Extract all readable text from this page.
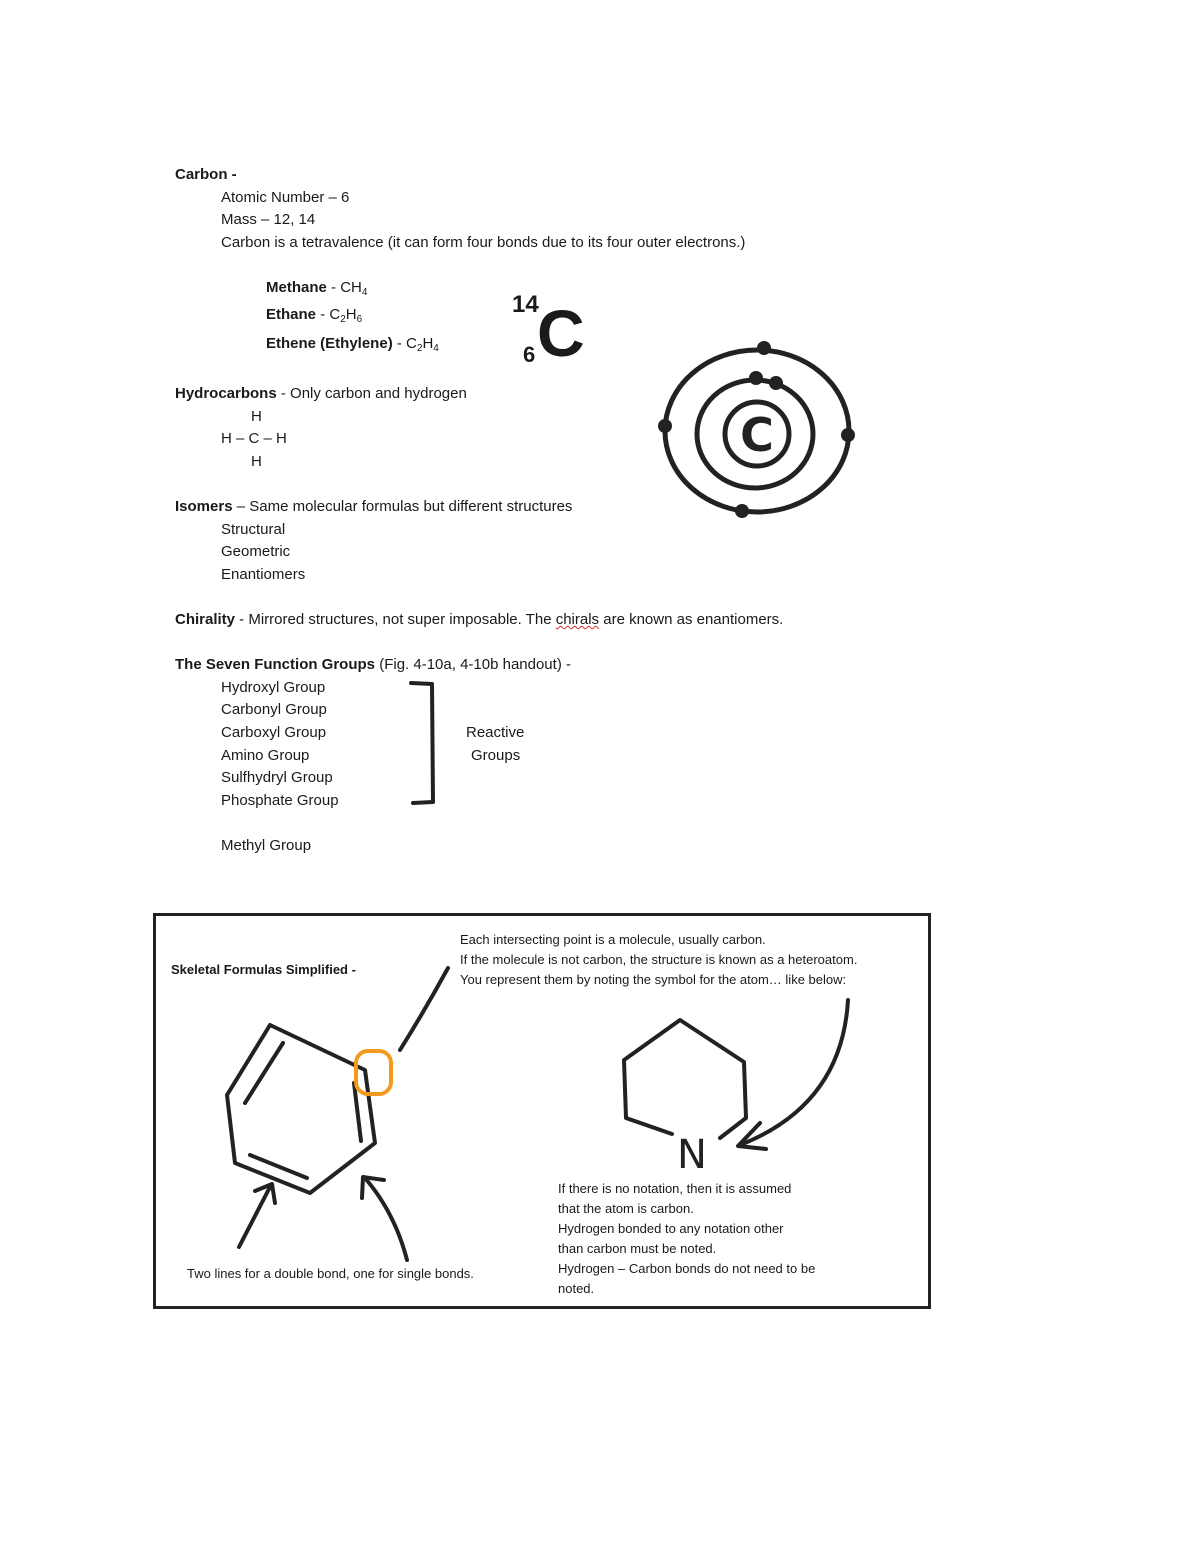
Carbon -
Atomic Number – 6
Mass – 12, 14
Carbon is a tetravalence (it can form four bonds due to its four outer electrons.)
Methane - $CH_4$
Ethane - $C_2H_6$
Ethene (Ethylene) - $C_2H_4$
14
6 C
C
Hydrocarbons - Only carbon and hydrogen
H
H – C – H
H
Isomers – Same molecular formulas but different structures
Structural
Geometric
Enantiomers
Chirality - Mirrored structures, not super imposable. The chirals are known as enantiomers.
The Seven Function Groups (Fig. 4-10a, 4-10b handout) -
Hydroxyl Group
Carbonyl Group
Carboxyl Group
Amino Group
Sulfhydryl Group
Phosphate Group
Reactive
Groups
Methyl Group
Skeletal Formulas Simplified -
Each intersecting point is a molecule, usually carbon.
If the molecule is not carbon, the structure is known as a heteroatom.
You represent them by noting the symbol for the atom… like below:
Two lines for a double bond, one for single bonds.
N
If there is no notation, then it is assumed
that the atom is carbon.
Hydrogen bonded to any notation other
than carbon must be noted.
Hydrogen – Carbon bonds do not need to be
noted.
